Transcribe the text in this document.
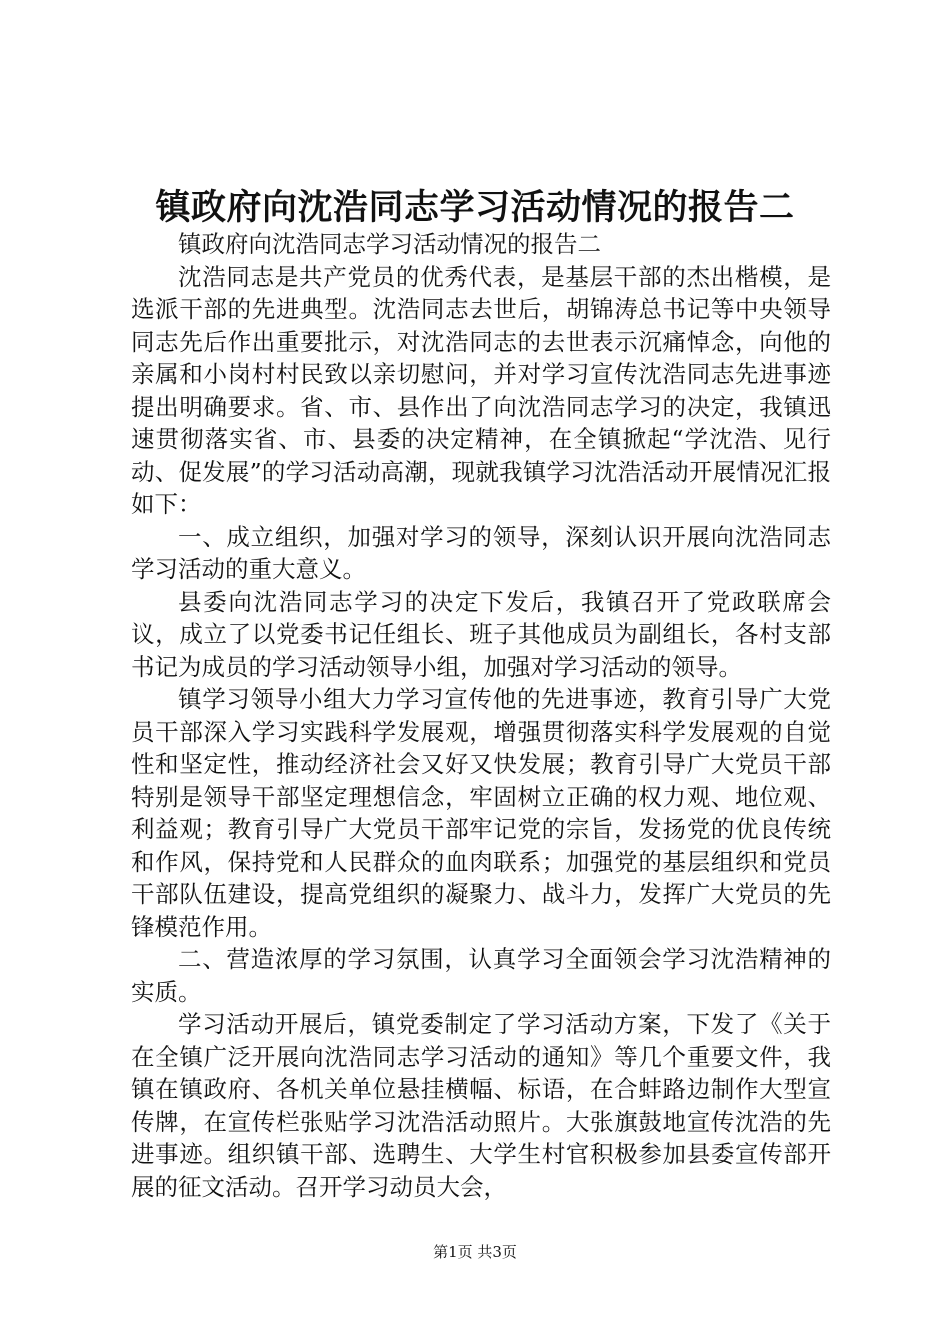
镇政府向沈浩同志学习活动情况的报告二

镇政府向沈浩同志学习活动情况的报告二

沈浩同志是共产党员的优秀代表，是基层干部的杰出楷模，是选派干部的先进典型。沈浩同志去世后，胡锦涛总书记等中央领导同志先后作出重要批示，对沈浩同志的去世表示沉痛悼念，向他的亲属和小岗村村民致以亲切慰问，并对学习宣传沈浩同志先进事迹提出明确要求。省、市、县作出了向沈浩同志学习的决定，我镇迅速贯彻落实省、市、县委的决定精神，在全镇掀起“学沈浩、见行动、促发展”的学习活动高潮，现就我镇学习沈浩活动开展情况汇报如下：

一、成立组织，加强对学习的领导，深刻认识开展向沈浩同志学习活动的重大意义。

县委向沈浩同志学习的决定下发后，我镇召开了党政联席会议，成立了以党委书记任组长、班子其他成员为副组长，各村支部书记为成员的学习活动领导小组，加强对学习活动的领导。

镇学习领导小组大力学习宣传他的先进事迹，教育引导广大党员干部深入学习实践科学发展观，增强贯彻落实科学发展观的自觉性和坚定性，推动经济社会又好又快发展；教育引导广大党员干部特别是领导干部坚定理想信念，牢固树立正确的权力观、地位观、利益观；教育引导广大党员干部牢记党的宗旨，发扬党的优良传统和作风，保持党和人民群众的血肉联系；加强党的基层组织和党员干部队伍建设，提高党组织的凝聚力、战斗力，发挥广大党员的先锋模范作用。

二、营造浓厚的学习氛围，认真学习全面领会学习沈浩精神的实质。

学习活动开展后，镇党委制定了学习活动方案，下发了《关于在全镇广泛开展向沈浩同志学习活动的通知》等几个重要文件，我镇在镇政府、各机关单位悬挂横幅、标语，在合蚌路边制作大型宣传牌，在宣传栏张贴学习沈浩活动照片。大张旗鼓地宣传沈浩的先进事迹。组织镇干部、选聘生、大学生村官积极参加县委宣传部开展的征文活动。召开学习动员大会，

第1页 共3页
